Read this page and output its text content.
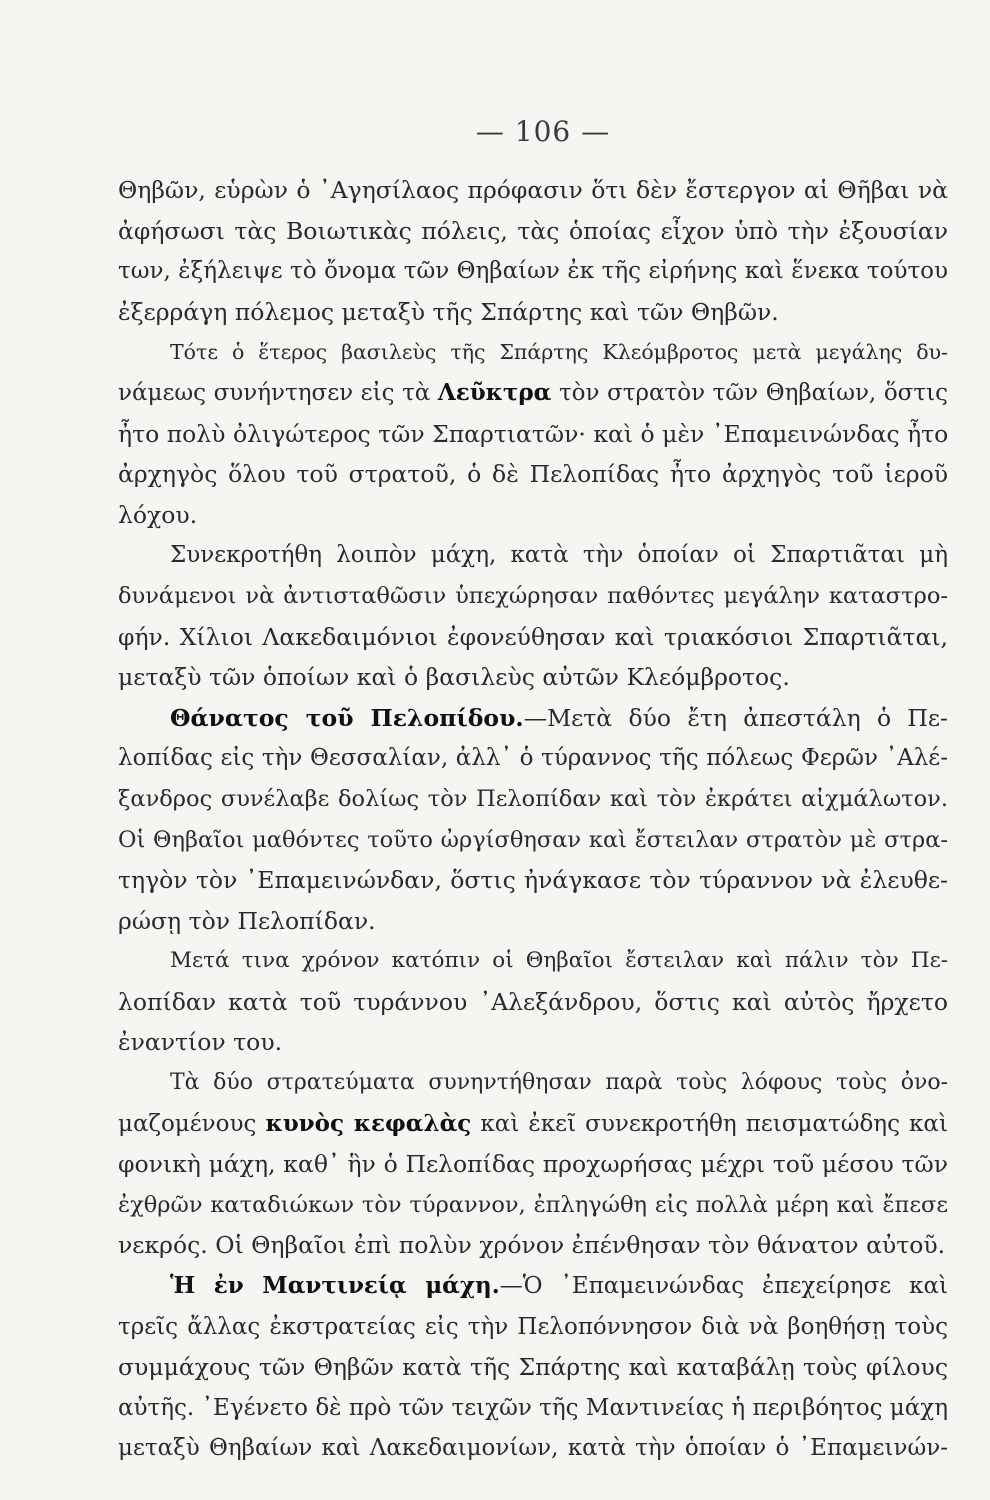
— 106 —

Θηβῶν, εὑρὼν ὁ ᾿Αγησίλαος πρόφασιν ὅτι δὲν ἔστεργον αἱ Θῆβαι νὰ
ἀφήσωσι τὰς Βοιωτικὰς πόλεις, τὰς ὁποίας εἶχον ὑπὸ τὴν ἐξουσίαν
των, ἐξήλειψε τὸ ὄνομα τῶν Θηβαίων ἐκ τῆς εἰρήνης καὶ ἕνεκα τούτου
ἐξερράγη πόλεμος μεταξὺ τῆς Σπάρτης καὶ τῶν Θηβῶν.

Τότε ὁ ἕτερος βασιλεὺς τῆς Σπάρτης Κλεόμβροτος μετὰ μεγάλης δυ-
νάμεως συνήντησεν εἰς τὰ Λεῦκτρα τὸν στρατὸν τῶν Θηβαίων, ὅστις
ἦτο πολὺ ὀλιγώτερος τῶν Σπαρτιατῶν· καὶ ὁ μὲν ᾿Επαμεινώνδας ἦτο
ἀρχηγὸς ὅλου τοῦ στρατοῦ, ὁ δὲ Πελοπίδας ἦτο ἀρχηγὸς τοῦ ἱεροῦ
λόχου.

Συνεκροτήθη λοιπὸν μάχη, κατὰ τὴν ὁποίαν οἱ Σπαρτιᾶται μὴ
δυνάμενοι νὰ ἀντισταθῶσιν ὑπεχώρησαν παθόντες μεγάλην καταστρο-
φήν. Χίλιοι Λακεδαιμόνιοι ἐφονεύθησαν καὶ τριακόσιοι Σπαρτιᾶται,
μεταξὺ τῶν ὁποίων καὶ ὁ βασιλεὺς αὐτῶν Κλεόμβροτος.

Θάνατος τοῦ Πελοπίδου.—Μετὰ δύο ἔτη ἀπεστάλη ὁ Πε-
λοπίδας εἰς τὴν Θεσσαλίαν, ἀλλ᾿ ὁ τύραννος τῆς πόλεως Φερῶν ᾿Αλέ-
ξανδρος συνέλαβε δολίως τὸν Πελοπίδαν καὶ τὸν ἐκράτει αἰχμάλωτον.
Οἱ Θηβαῖοι μαθόντες τοῦτο ὠργίσθησαν καὶ ἔστειλαν στρατὸν μὲ στρα-
τηγὸν τὸν ᾿Επαμεινώνδαν, ὅστις ἠνάγκασε τὸν τύραννον νὰ ἐλευθε-
ρώσῃ τὸν Πελοπίδαν.

Μετά τινα χρόνον κατόπιν οἱ Θηβαῖοι ἔστειλαν καὶ πάλιν τὸν Πε-
λοπίδαν κατὰ τοῦ τυράννου ᾿Αλεξάνδρου, ὅστις καὶ αὐτὸς ἤρχετο
ἐναντίον του.

Τὰ δύο στρατεύματα συνηντήθησαν παρὰ τοὺς λόφους τοὺς ὀνο-
μαζομένους κυνὸς κεφαλὰς καὶ ἐκεῖ συνεκροτήθη πεισματώδης καὶ
φονικὴ μάχη, καθ᾿ ἣν ὁ Πελοπίδας προχωρήσας μέχρι τοῦ μέσου τῶν
ἐχθρῶν καταδιώκων τὸν τύραννον, ἐπληγώθη εἰς πολλὰ μέρη καὶ ἔπεσε
νεκρός. Οἱ Θηβαῖοι ἐπὶ πολὺν χρόνον ἐπένθησαν τὸν θάνατον αὐτοῦ.

Ἡ ἐν Μαντινείᾳ μάχη.—Ὁ ᾿Επαμεινώνδας ἐπεχείρησε καὶ
τρεῖς ἄλλας ἐκστρατείας εἰς τὴν Πελοπόννησον διὰ νὰ βοηθήσῃ τοὺς
συμμάχους τῶν Θηβῶν κατὰ τῆς Σπάρτης καὶ καταβάλῃ τοὺς φίλους
αὐτῆς. ᾿Εγένετο δὲ πρὸ τῶν τειχῶν τῆς Μαντινείας ἡ περιβόητος μάχη
μεταξὺ Θηβαίων καὶ Λακεδαιμονίων, κατὰ τὴν ὁποίαν ὁ ᾿Επαμεινών-
